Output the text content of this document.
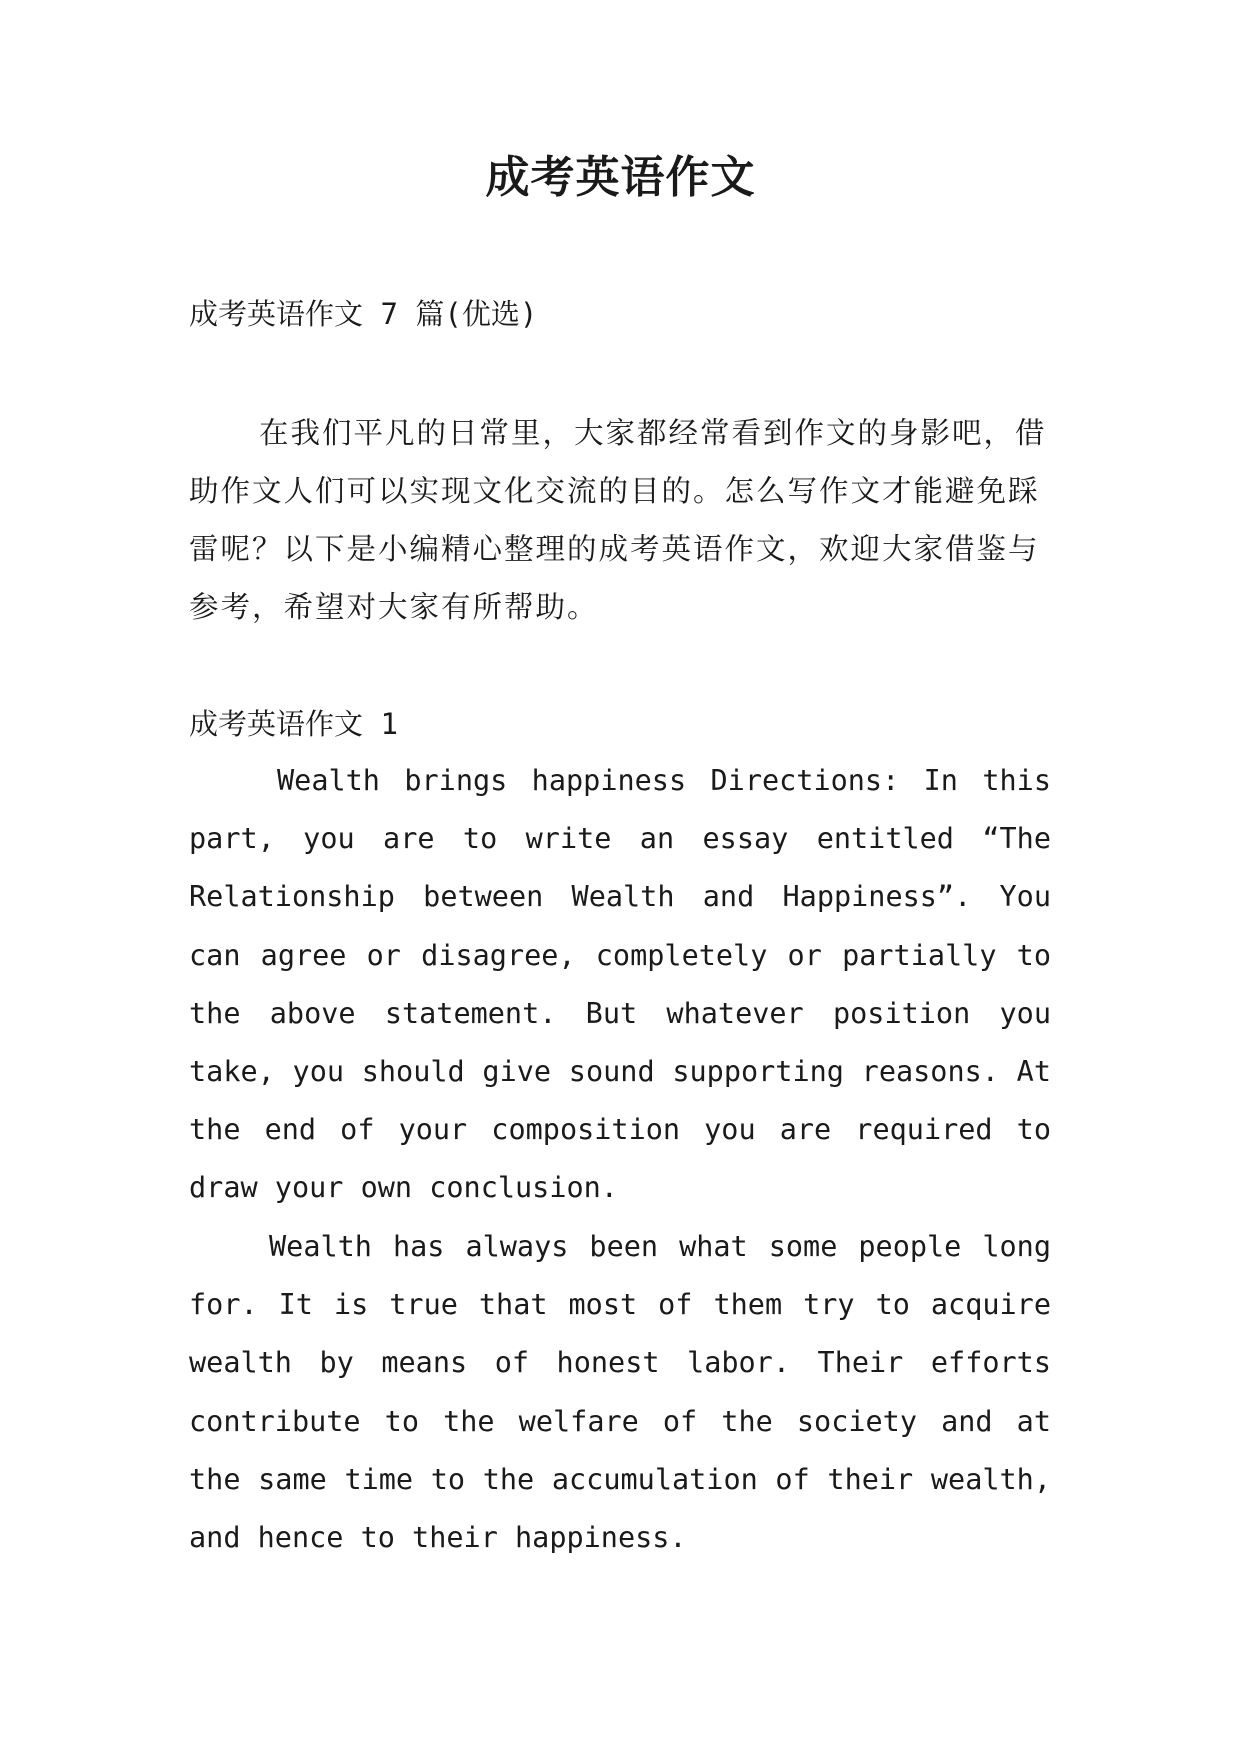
成考英语作文

成考英语作文 7 篇(优选)

在我们平凡的日常里，大家都经常看到作文的身影吧，借助作文人们可以实现文化交流的目的。怎么写作文才能避免踩雷呢？以下是小编精心整理的成考英语作文，欢迎大家借鉴与参考，希望对大家有所帮助。

成考英语作文 1

Wealth brings happiness Directions: In this part, you are to write an essay entitled “The Relationship between Wealth and Happiness”. You can agree or disagree, completely or partially to the above statement. But whatever position you take, you should give sound supporting reasons. At the end of your composition you are required to draw your own conclusion.

Wealth has always been what some people long for. It is true that most of them try to acquire wealth by means of honest labor. Their efforts contribute to the welfare of the society and at the same time to the accumulation of their wealth, and hence to their happiness.
